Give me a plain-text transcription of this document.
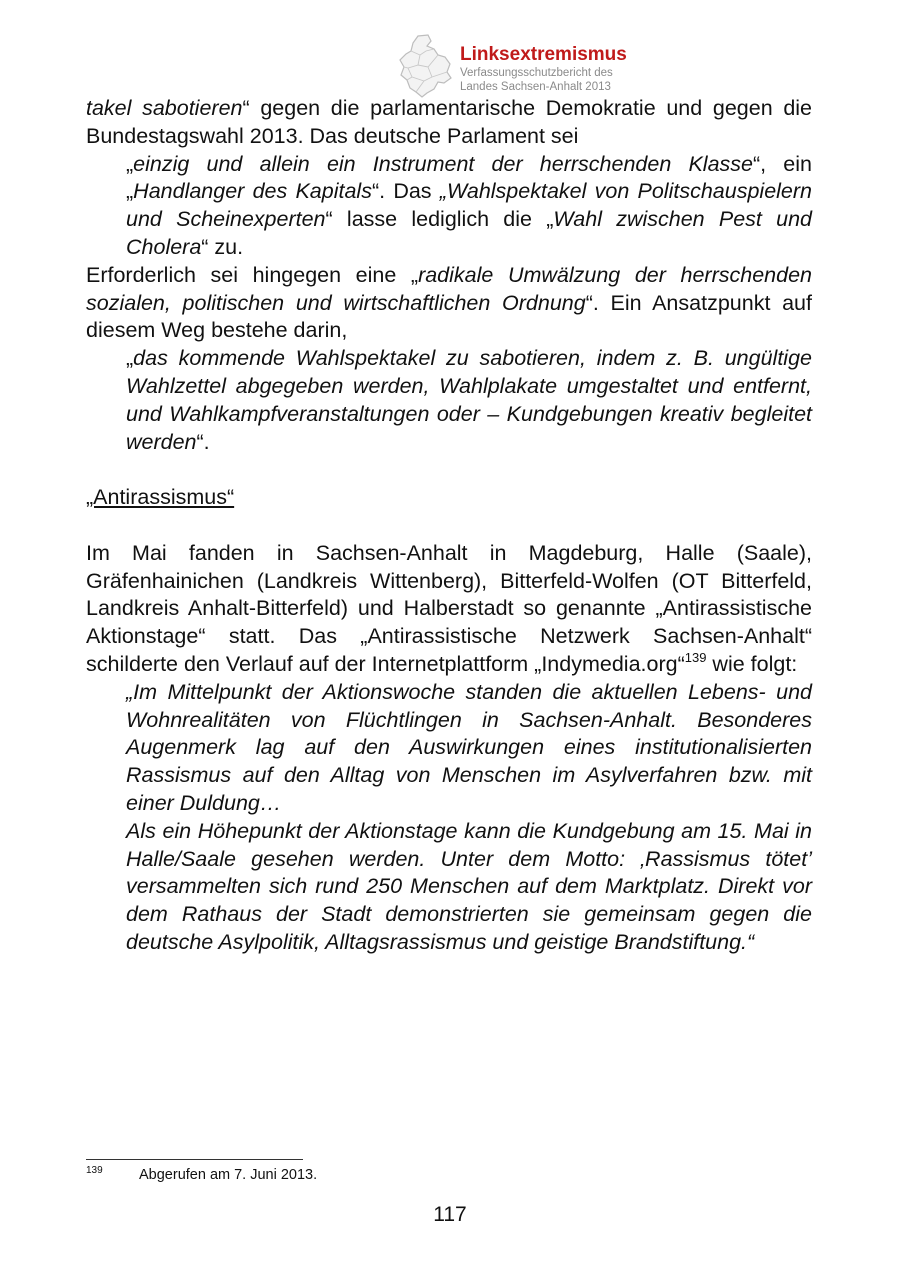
Linksextremismus
Verfassungsschutzbericht des
Landes Sachsen-Anhalt 2013

takel sabotieren“ gegen die parlamentarische Demokratie und gegen die Bundestagswahl 2013. Das deutsche Parlament sei

„einzig und allein ein Instrument der herrschenden Klasse“, ein „Handlanger des Kapitals“. Das „Wahlspektakel von Politschauspielern und Scheinexperten“ lasse lediglich die „Wahl zwischen Pest und Cholera“ zu.

Erforderlich sei hingegen eine „radikale Umwälzung der herrschenden sozialen, politischen und wirtschaftlichen Ordnung“. Ein Ansatzpunkt auf diesem Weg bestehe darin,

„das kommende Wahlspektakel zu sabotieren, indem z. B. ungültige Wahlzettel abgegeben werden, Wahlplakate umgestaltet und entfernt, und Wahlkampfveranstaltungen oder – Kundgebungen kreativ begleitet werden“.

„Antirassismus“

Im Mai fanden in Sachsen-Anhalt in Magdeburg, Halle (Saale), Gräfenhainichen (Landkreis Wittenberg), Bitterfeld-Wolfen (OT Bitterfeld, Landkreis Anhalt-Bitterfeld) und Halberstadt so genannte „Antirassistische Aktionstage“ statt. Das „Antirassistische Netzwerk Sachsen-Anhalt“ schilderte den Verlauf auf der Internetplattform „Indymedia.org“$^{139}$ wie folgt:

„Im Mittelpunkt der Aktionswoche standen die aktuellen Lebens- und Wohnrealitäten von Flüchtlingen in Sachsen-Anhalt. Besonderes Augenmerk lag auf den Auswirkungen eines institutionalisierten Rassismus auf den Alltag von Menschen im Asylverfahren bzw. mit einer Duldung…

Als ein Höhepunkt der Aktionstage kann die Kundgebung am 15. Mai in Halle/Saale gesehen werden. Unter dem Motto: ‚Rassismus tötet’ versammelten sich rund 250 Menschen auf dem Marktplatz. Direkt vor dem Rathaus der Stadt demonstrierten sie gemeinsam gegen die deutsche Asylpolitik, Alltagsrassismus und geistige Brandstiftung.“

139	Abgerufen am 7. Juni 2013.
117
